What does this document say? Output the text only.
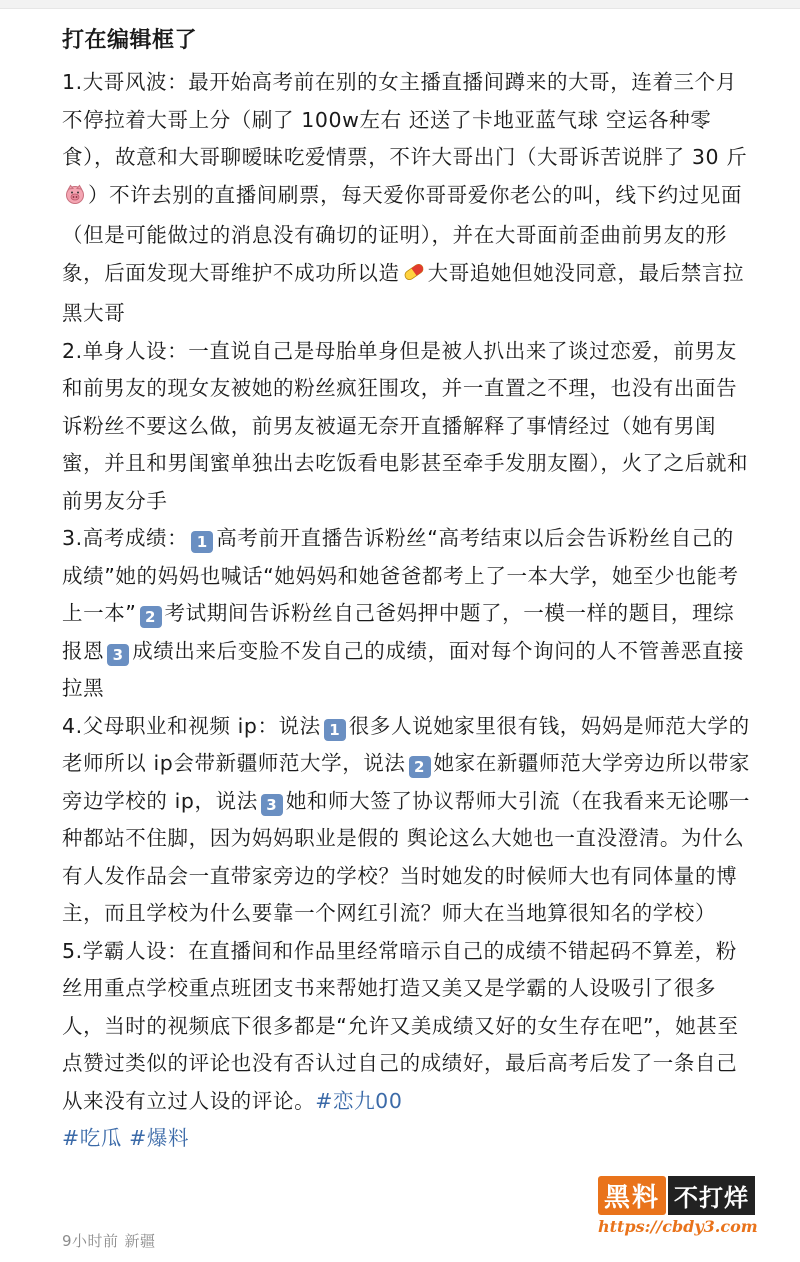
打在编辑框了

1.大哥风波：最开始高考前在别的女主播直播间蹲来的大哥，连着三个月不停拉着大哥上分（刷了 100w左右 还送了卡地亚蓝气球 空运各种零食），故意和大哥聊暧昧吃爱情票，不许大哥出门（大哥诉苦说胖了 30 斤）不许去别的直播间刷票，每天爱你哥哥爱你老公的叫，线下约过见面（但是可能做过的消息没有确切的证明），并在大哥面前歪曲前男友的形象，后面发现大哥维护不成功所以造 大哥追她但她没同意，最后禁言拉黑大哥

2.单身人设：一直说自己是母胎单身但是被人扒出来了谈过恋爱，前男友和前男友的现女友被她的粉丝疯狂围攻，并一直置之不理，也没有出面告诉粉丝不要这么做，前男友被逼无奈开直播解释了事情经过（她有男闺蜜，并且和男闺蜜单独出去吃饭看电影甚至牵手发朋友圈），火了之后就和前男友分手

3.高考成绩： 1 高考前开直播告诉粉丝“高考结束以后会告诉粉丝自己的成绩”她的妈妈也喊话“她妈妈和她爸爸都考上了一本大学，她至少也能考上一本” 2 考试期间告诉粉丝自己爸妈押中题了，一模一样的题目，理综报恩 3 成绩出来后变脸不发自己的成绩，面对每个询问的人不管善恶直接拉黑

4.父母职业和视频 ip：说法 1 很多人说她家里很有钱，妈妈是师范大学的老师所以 ip会带新疆师范大学，说法 2 她家在新疆师范大学旁边所以带家旁边学校的 ip，说法 3 她和师大签了协议帮师大引流（在我看来无论哪一种都站不住脚，因为妈妈职业是假的 舆论这么大她也一直没澄清。为什么有人发作品会一直带家旁边的学校？当时她发的时候师大也有同体量的博主，而且学校为什么要靠一个网红引流？师大在当地算很知名的学校）

5.学霸人设：在直播间和作品里经常暗示自己的成绩不错起码不算差，粉丝用重点学校重点班团支书来帮她打造又美又是学霸的人设吸引了很多人，当时的视频底下很多都是“允许又美成绩又好的女生存在吧”，她甚至点赞过类似的评论也没有否认过自己的成绩好，最后高考后发了一条自己从来没有立过人设的评论。#恋九00
#吃瓜 #爆料

9小时前 新疆
黑料 不打烊
https://cbdy3.com
